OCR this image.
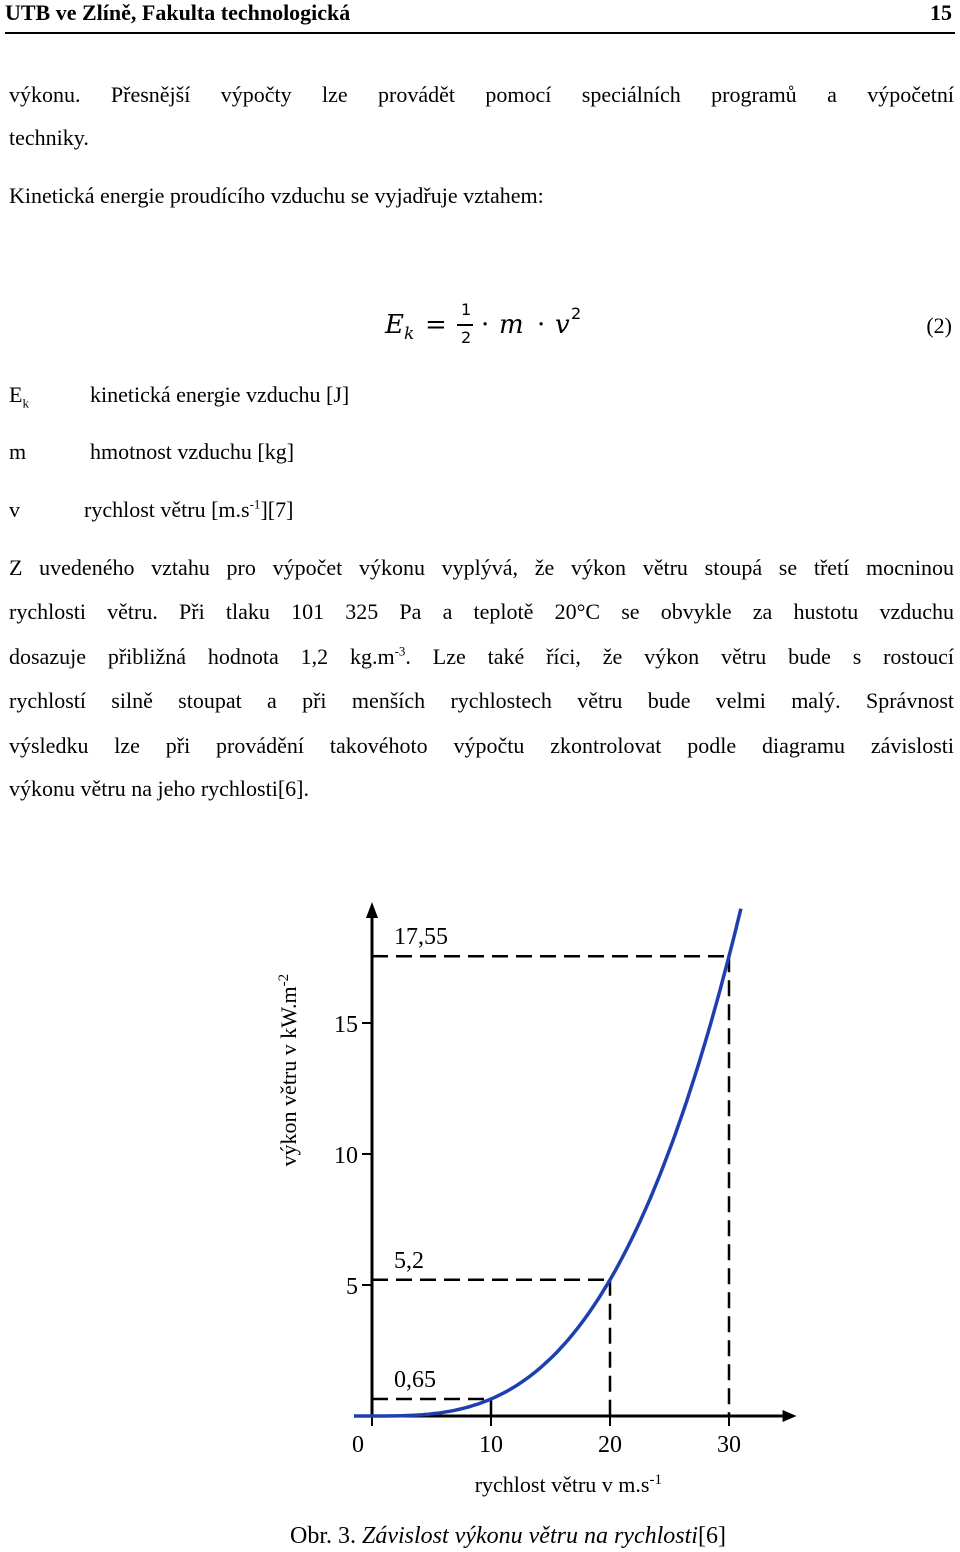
UTB ve Zlíně, Fakulta technologická	15
výkonu. Přesnější výpočty lze provádět pomocí speciálních programů a výpočetní
techniky.
Kinetická energie proudícího vzduchu se vyjadřuje vztahem:
$E_k$ =
1
2 · m · v 2	(2)
$E_k$	kinetická energie vzduchu [J]
m	hmotnost vzduchu [kg]
v	rychlost větru $[m.s^{-1}][7]$
Z uvedeného vztahu pro výpočet výkonu vyplývá, že výkon větru stoupá se třetí mocninou
rychlosti větru. Při tlaku 101 325 Pa a teplotě 20°C se obvykle za hustotu vzduchu
dosazuje přibližná hodnota 1,2 $kg.m^{-3}$. Lze také říci, že výkon větru bude s rostoucí
rychlostí silně stoupat a při menších rychlostech větru bude velmi malý. Správnost
výsledku lze při provádění takovéhoto výpočtu zkontrolovat podle diagramu závislosti
výkonu větru na jeho rychlosti[6].
5
10
15
0	10	20	30
0,65
5,2
17,55
výkon větru v $kW.m^{-2}$
rychlost větru v $m.s^{-1}$
Obr. 3. Závislost výkonu větru na rychlosti[6]
